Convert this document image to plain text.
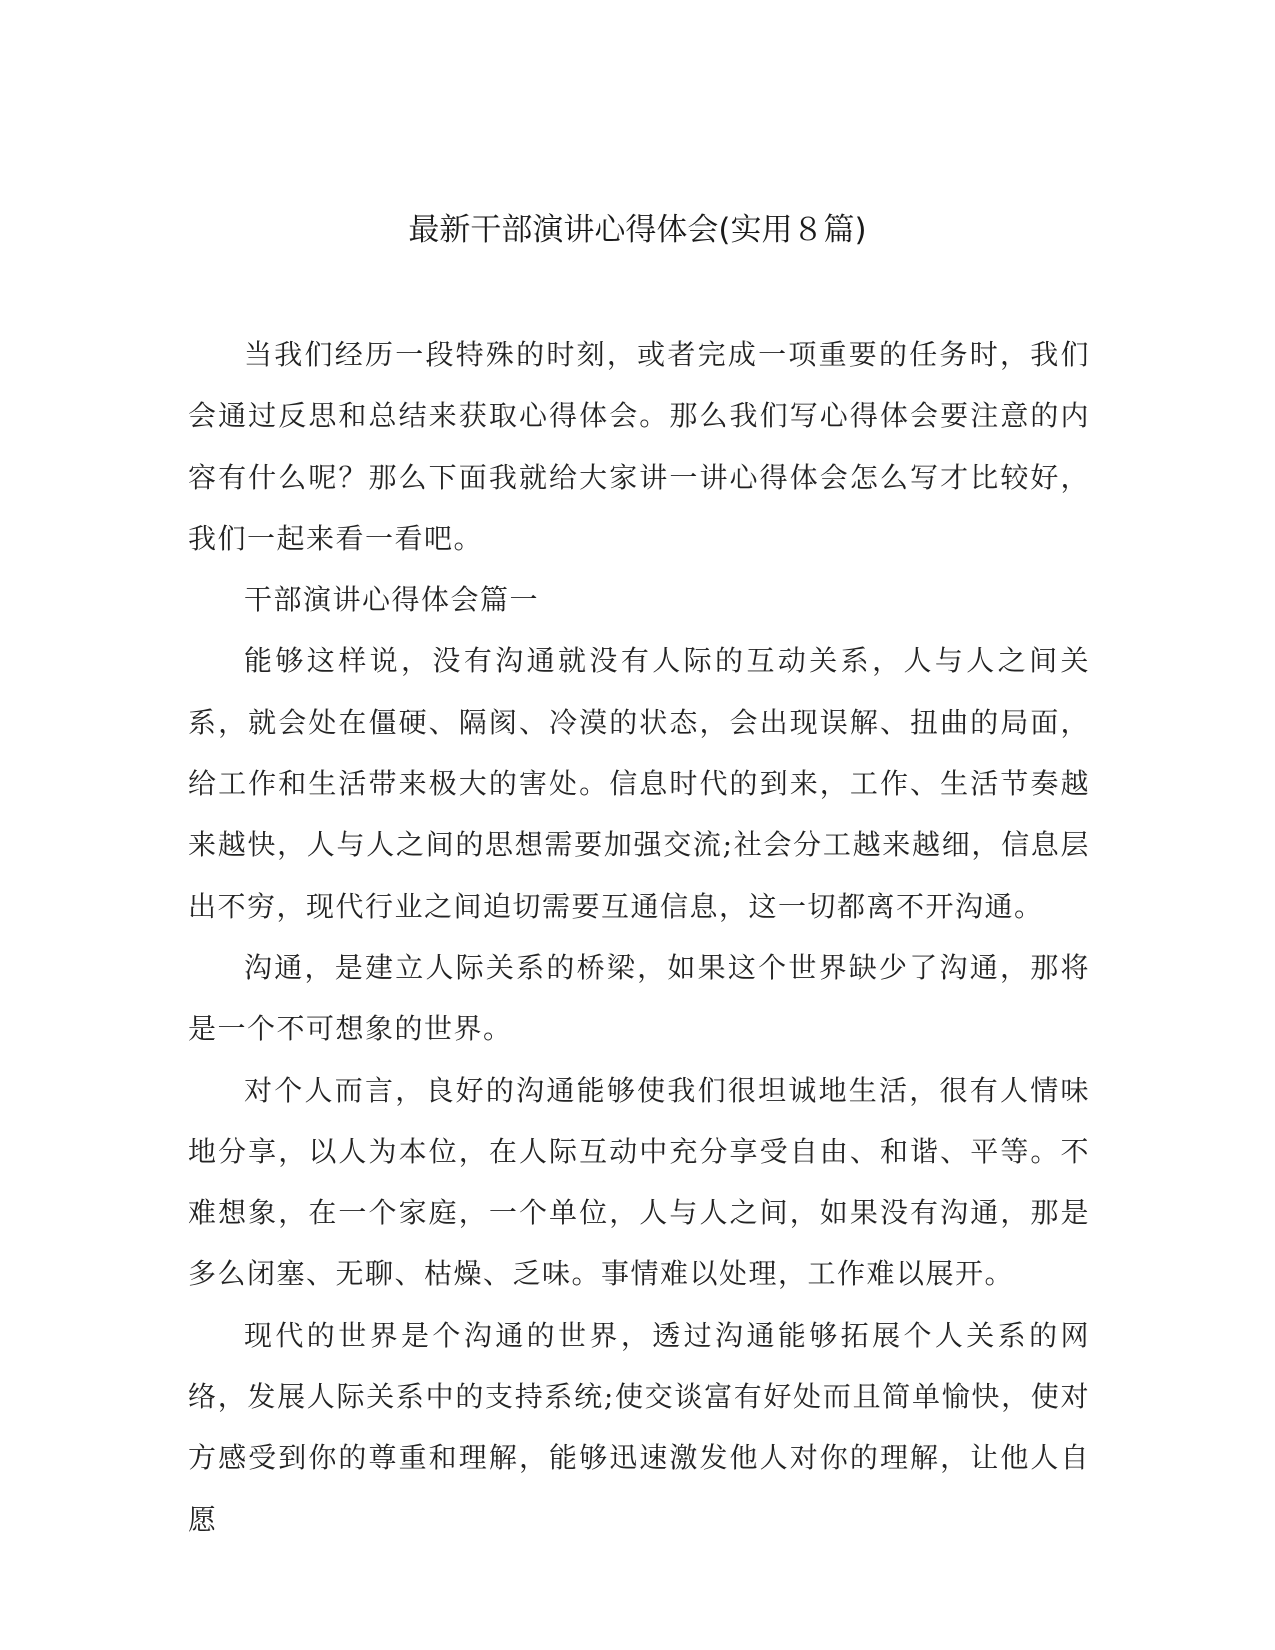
最新干部演讲心得体会(实用８篇)

当我们经历一段特殊的时刻，或者完成一项重要的任务时，我们会通过反思和总结来获取心得体会。那么我们写心得体会要注意的内容有什么呢？那么下面我就给大家讲一讲心得体会怎么写才比较好，我们一起来看一看吧。

干部演讲心得体会篇一

能够这样说，没有沟通就没有人际的互动关系，人与人之间关系，就会处在僵硬、隔阂、冷漠的状态，会出现误解、扭曲的局面，给工作和生活带来极大的害处。信息时代的到来，工作、生活节奏越来越快，人与人之间的思想需要加强交流;社会分工越来越细，信息层出不穷，现代行业之间迫切需要互通信息，这一切都离不开沟通。

沟通，是建立人际关系的桥梁，如果这个世界缺少了沟通，那将是一个不可想象的世界。

对个人而言，良好的沟通能够使我们很坦诚地生活，很有人情味地分享，以人为本位，在人际互动中充分享受自由、和谐、平等。不难想象，在一个家庭，一个单位，人与人之间，如果没有沟通，那是多么闭塞、无聊、枯燥、乏味。事情难以处理，工作难以展开。

现代的世界是个沟通的世界，透过沟通能够拓展个人关系的网络，发展人际关系中的支持系统;使交谈富有好处而且简单愉快，使对方感受到你的尊重和理解，能够迅速激发他人对你的理解，让他人自愿
